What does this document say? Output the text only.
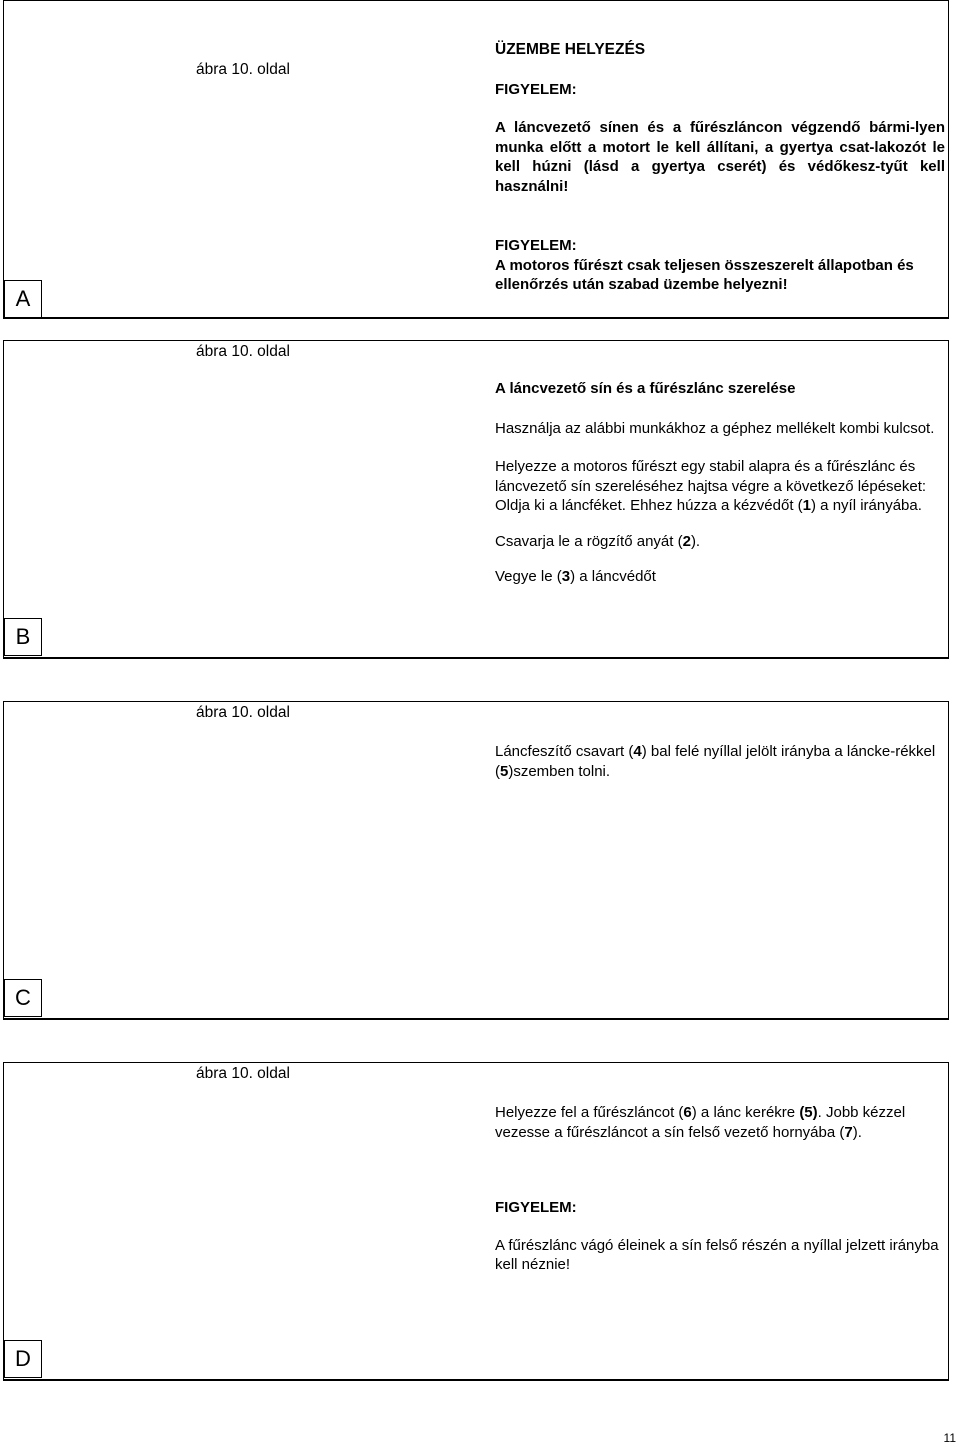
ábra 10. oldal

ÜZEMBE HELYEZÉS

FIGYELEM:

A láncvezető sínen és a fűrészláncon végzendő bármi-lyen munka előtt a motort le kell állítani, a gyertya csat-lakozót le kell húzni (lásd a gyertya cserét) és védőkesz-tyűt kell használni!

FIGYELEM:

A motoros fűrészt csak teljesen összeszerelt állapotban és ellenőrzés után szabad üzembe helyezni!

A
ábra 10. oldal

A láncvezető sín és a fűrészlánc szerelése

Használja az alábbi munkákhoz a géphez mellékelt kombi kulcsot.

Helyezze a motoros fűrészt egy stabil alapra és a fűrészlánc és láncvezető sín szereléséhez hajtsa végre a következő lépéseket:

Oldja ki a láncféket. Ehhez húzza a kézvédőt (1) a nyíl irányába.

Csavarja le a rögzítő anyát (2).

Vegye le (3) a láncvédőt

B
ábra 10. oldal

Láncfeszítő csavart (4) bal felé nyíllal jelölt irányba a láncke-rékkel (5)szemben tolni.

C
ábra 10. oldal

Helyezze fel a fűrészláncot (6) a lánc kerékre (5). Jobb kézzel vezesse a fűrészláncot a sín felső vezető hornyába (7).

FIGYELEM:

A fűrészlánc vágó éleinek a sín felső részén a nyíllal jelzett irányba kell néznie!

D
11
